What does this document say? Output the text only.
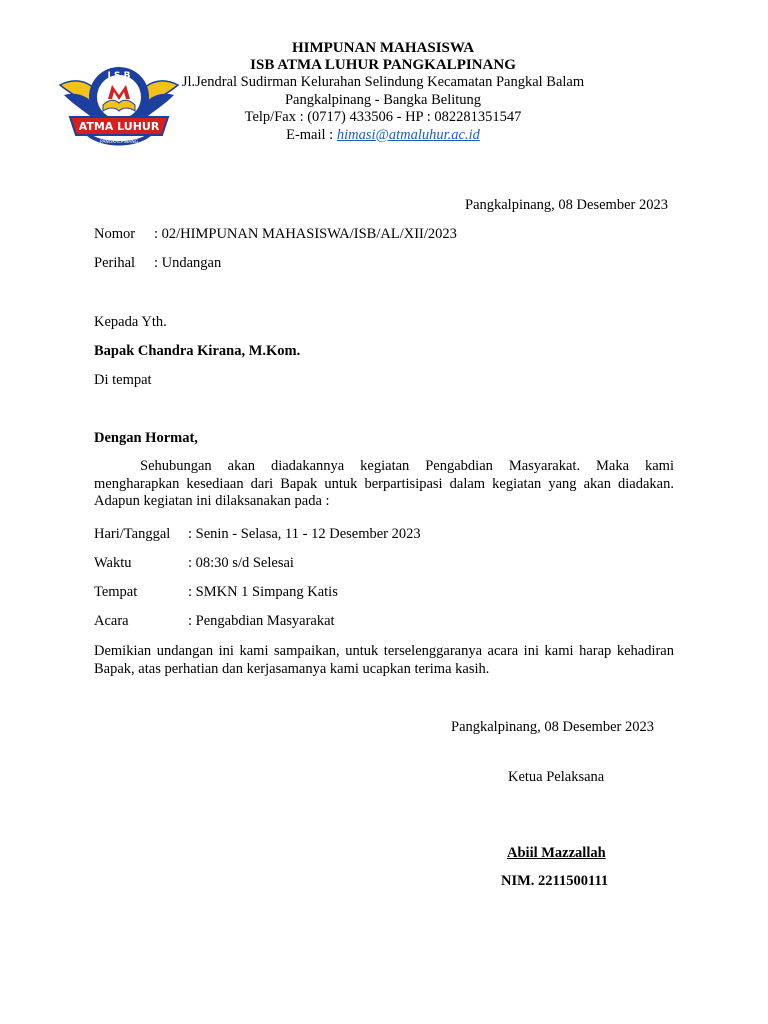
I S B
ATMA LUHUR
PANGKALPINANG
HIMPUNAN MAHASISWA
ISB ATMA LUHUR PANGKALPINANG
Jl.Jendral Sudirman Kelurahan Selindung Kecamatan Pangkal Balam
Pangkalpinang - Bangka Belitung
Telp/Fax : (0717) 433506 - HP : 082281351547
E-mail : himasi@atmaluhur.ac.id
Pangkalpinang, 08 Desember 2023
Nomor : 02/HIMPUNAN MAHASISWA/ISB/AL/XII/2023
Perihal : Undangan
Kepada Yth.
Bapak Chandra Kirana, M.Kom.
Di tempat
Dengan Hormat,
Sehubungan akan diadakannya kegiatan Pengabdian Masyarakat. Maka kami mengharapkan kesediaan dari Bapak untuk berpartisipasi dalam kegiatan yang akan diadakan. Adapun kegiatan ini dilaksanakan pada :
Hari/Tanggal : Senin - Selasa, 11 - 12 Desember 2023
Waktu	: 08:30 s/d Selesai
Tempat	: SMKN 1 Simpang Katis
Acara	: Pengabdian Masyarakat
Demikian undangan ini kami sampaikan, untuk terselenggaranya acara ini kami harap kehadiran Bapak, atas perhatian dan kerjasamanya kami ucapkan terima kasih.
Pangkalpinang, 08 Desember 2023
Ketua Pelaksana
Abiil Mazzallah
NIM. 2211500111
